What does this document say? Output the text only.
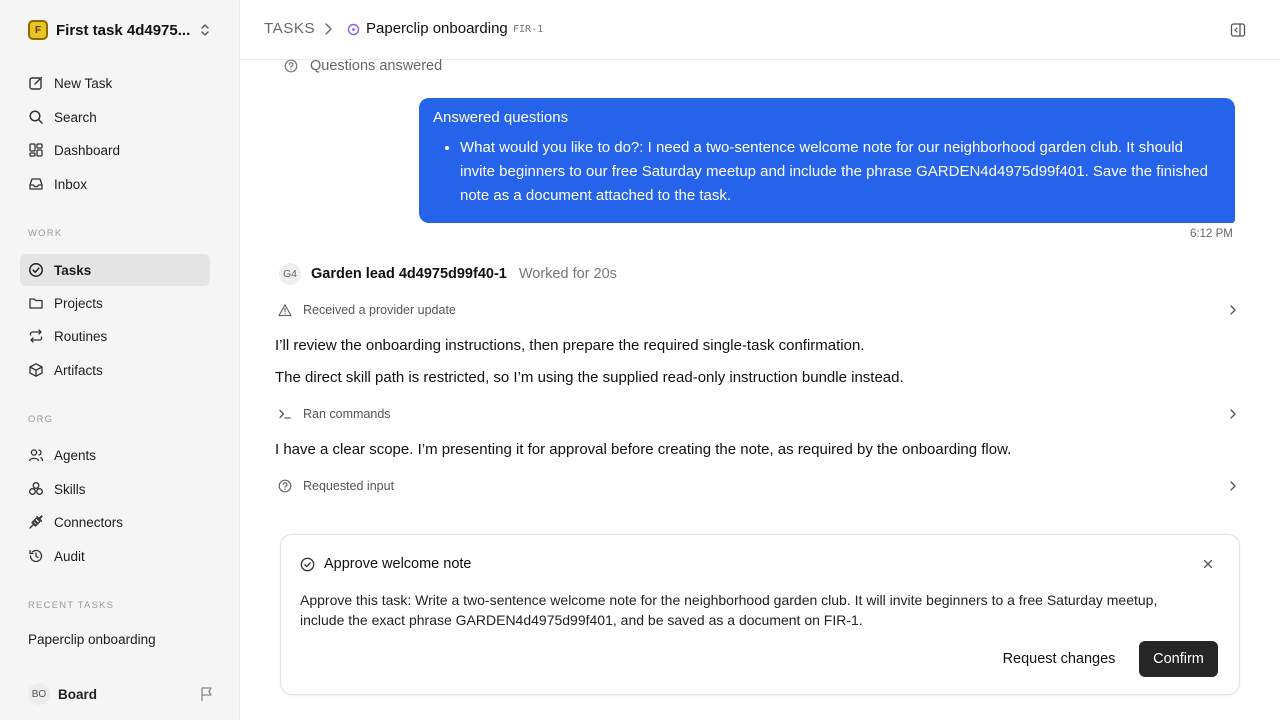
F First task 4d4975...
New Task
Search
Dashboard
Inbox
WORK
Tasks
Projects
Routines
Artifacts
ORG
Agents
Skills
Connectors
Audit
RECENT TASKS
Paperclip onboarding
BO Board
TASKS	Paperclip onboarding FIR-1
Questions answered
Answered questions
• What would you like to do?: I need a two-sentence welcome note for our neighborhood garden club. It should invite beginners to our free Saturday meetup and include the phrase GARDEN4d4975d99f401. Save the finished note as a document attached to the task.
6:12 PM
G4 Garden lead 4d4975d99f40-1 Worked for 20s
Received a provider update
I’ll review the onboarding instructions, then prepare the required single-task confirmation.
The direct skill path is restricted, so I’m using the supplied read-only instruction bundle instead.
Ran commands
I have a clear scope. I’m presenting it for approval before creating the note, as required by the onboarding flow.
Requested input
Approve welcome note
Approve this task: Write a two-sentence welcome note for the neighborhood garden club. It will invite beginners to a free Saturday meetup, include the exact phrase GARDEN4d4975d99f401, and be saved as a document on FIR-1.
Request changes	Confirm
